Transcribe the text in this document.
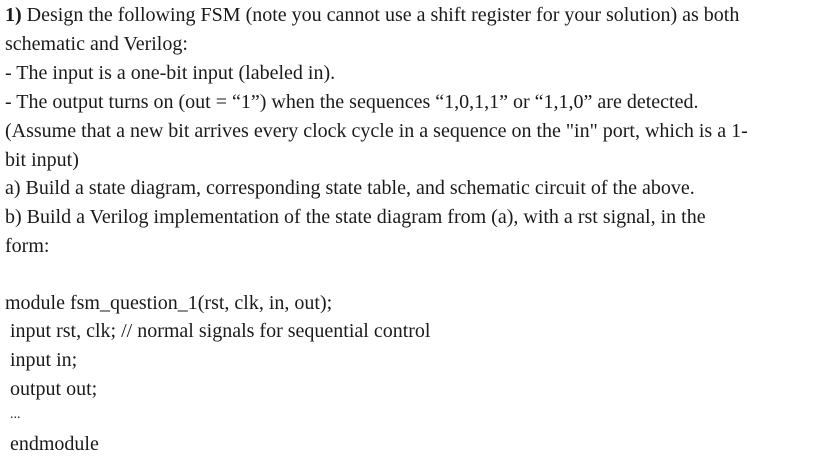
1) Design the following FSM (note you cannot use a shift register for your solution) as both
schematic and Verilog:
- The input is a one-bit input (labeled in).
- The output turns on (out = “1”) when the sequences “1,0,1,1” or “1,1,0” are detected.
(Assume that a new bit arrives every clock cycle in a sequence on the "in" port, which is a 1-
bit input)
a) Build a state diagram, corresponding state table, and schematic circuit of the above.
b) Build a Verilog implementation of the state diagram from (a), with a rst signal, in the
form:
module fsm_question_1(rst, clk, in, out);
input rst, clk; // normal signals for sequential control
input in;
output out;
...
endmodule
